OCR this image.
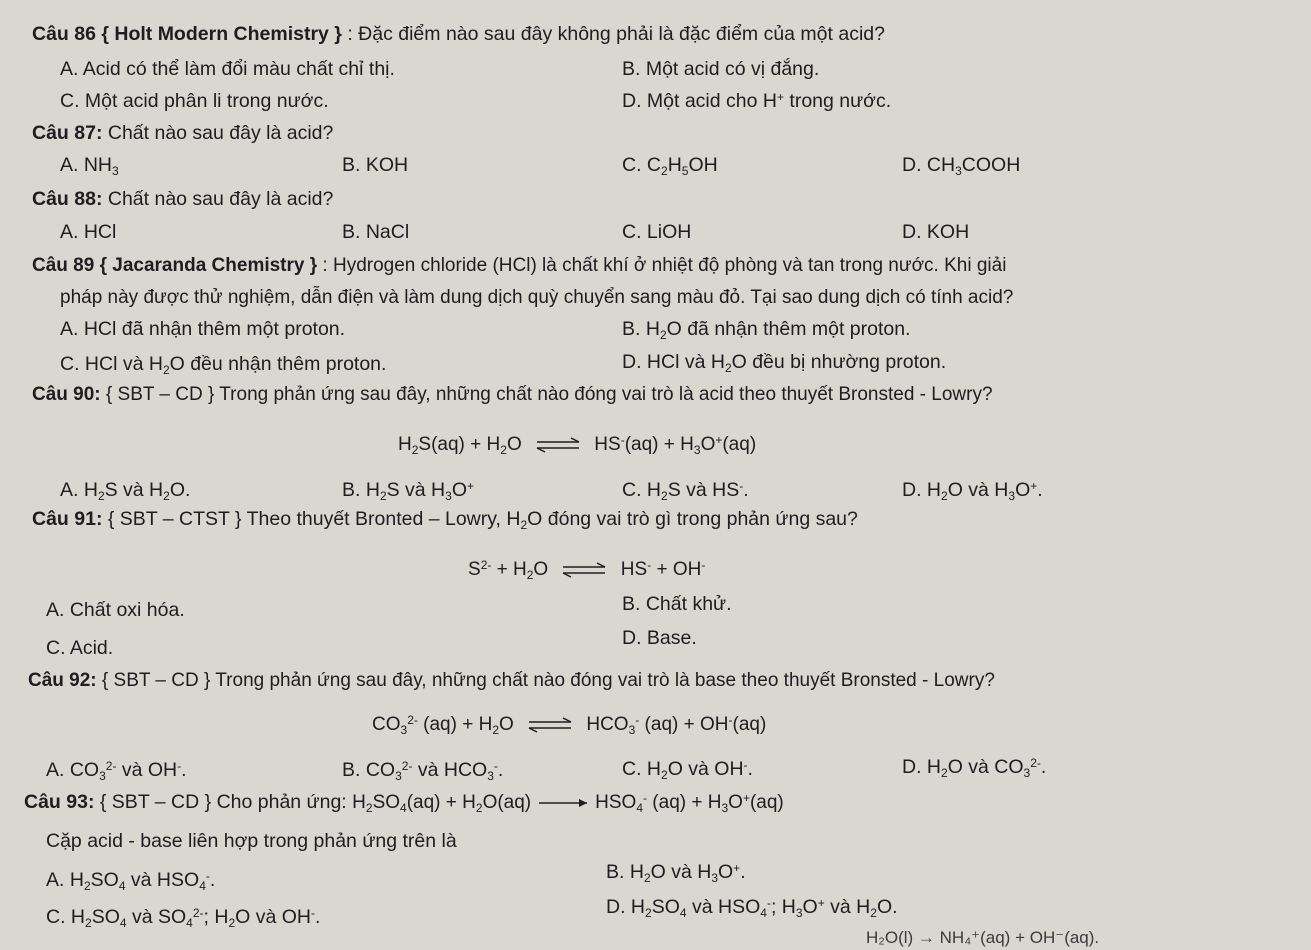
Câu 86 { Holt Modern Chemistry } : Đặc điểm nào sau đây không phải là đặc điểm của một acid?
A. Acid có thể làm đổi màu chất chỉ thị.	B. Một acid có vị đắng.
C. Một acid phân li trong nước.	D. Một acid cho H+ trong nước.
Câu 87: Chất nào sau đây là acid?
A. $NH_3$	B. KOH	C. $C_2H_5OH$	D. $CH_3COOH$
Câu 88: Chất nào sau đây là acid?
A. HCl	B. NaCl	C. LiOH	D. KOH
Câu 89 { Jacaranda Chemistry } : Hydrogen chloride (HCl) là chất khí ở nhiệt độ phòng và tan trong nước. Khi giải
pháp này được thử nghiệm, dẫn điện và làm dung dịch quỳ chuyển sang màu đỏ. Tại sao dung dịch có tính acid?
A. HCl đã nhận thêm một proton.	B. $H_2O$ đã nhận thêm một proton.
C. HCl và $H_2O$ đều nhận thêm proton.	D. HCl và $H_2O$ đều bị nhường proton.
Câu 90: { SBT – CD } Trong phản ứng sau đây, những chất nào đóng vai trò là acid theo thuyết Bronsted - Lowry?
$H_2S(aq) + H_2O$ ⇌ $HS^-(aq) + H_3O^+(aq)$
A. $H_2S$ và $H_2O$.	B. $H_2S$ và $H_3O^+$	C. $H_2S$ và HS-.	D. $H_2O$ và $H_3O^+$.
Câu 91: { SBT – CTST } Theo thuyết Bronted – Lowry, $H_2O$ đóng vai trò gì trong phản ứng sau?
$S^{2-} + H_2O$ ⇌ HS- + OH-
A. Chất oxi hóa.	B. Chất khử.
C. Acid.	D. Base.
Câu 92: { SBT – CD } Trong phản ứng sau đây, những chất nào đóng vai trò là base theo thuyết Bronsted - Lowry?
$CO_3^{2-}$ $(aq) + H_2O$ ⇌ $HCO_3^-$ (aq) + OH-(aq)
A. $CO_3^{2-}$ và OH-.	B. $CO_3^{2-}$ và $HCO_3^-$.	C. $H_2O$ và OH-.	D. $H_2O$ và $CO_3^{2-}$.
Câu 93: { SBT – CD } Cho phản ứng: $H_2SO_4(aq) + H_2O(aq) \to HSO_4^-$ $(aq) + H_3O^+(aq)$
Cặp acid - base liên hợp trong phản ứng trên là
A. $H_2SO_4$ và $HSO_4^-$.	B. $H_2O$ và $H_3O^+$.
C. $H_2SO_4$ và $SO_4^{2-}$; $H_2O$ và OH-.	D. $H_2SO_4$ và $HSO_4^-$; $H_3O^+$ và $H_2O$.
H₂O(l) → NH₄⁺(aq) + OH⁻(aq).
